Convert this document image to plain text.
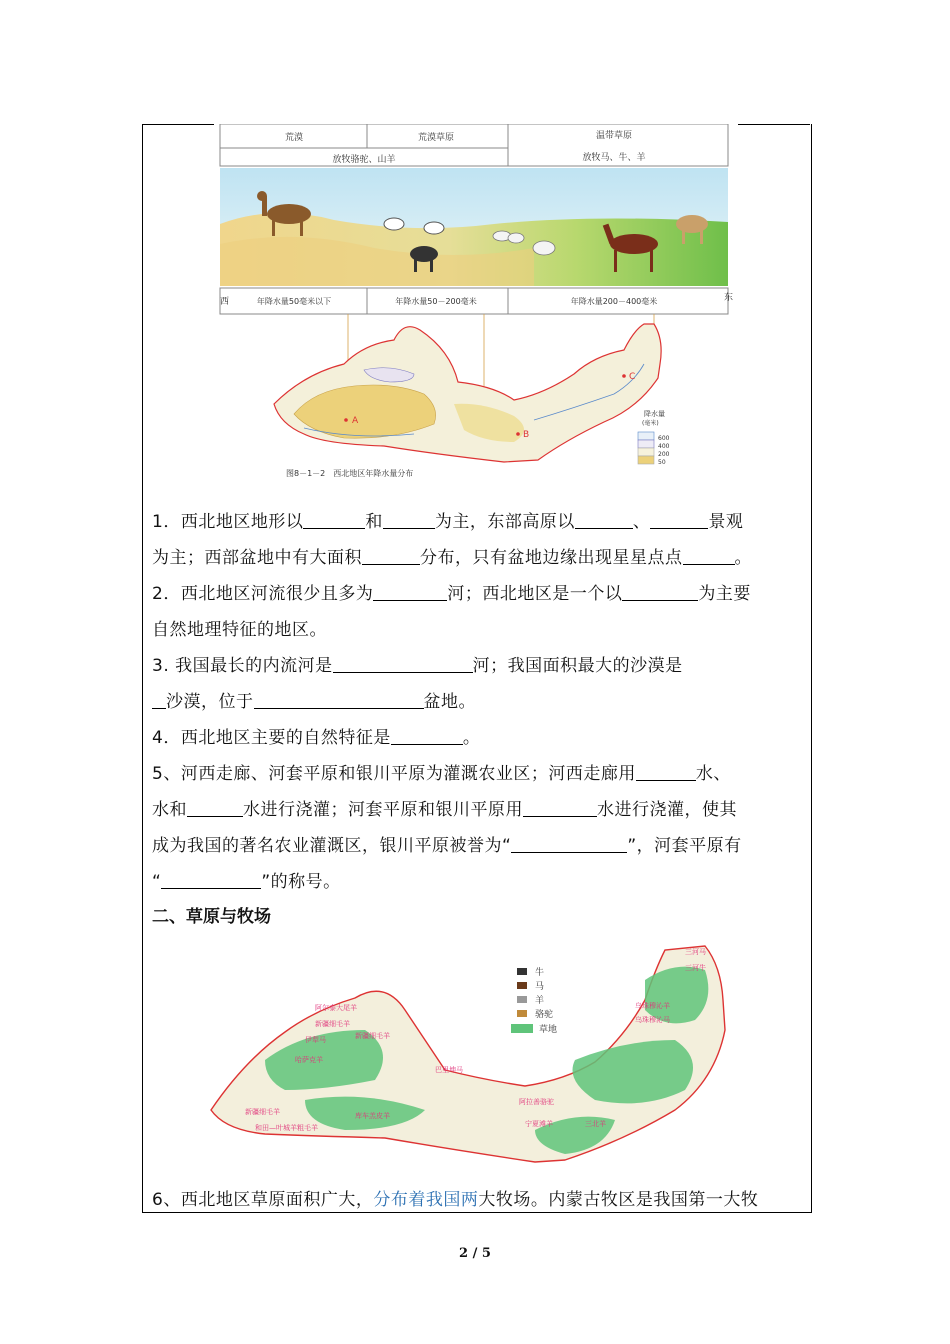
荒漠	荒漠草原	温带草原
放牧骆驼、山羊	放牧马、牛、羊
西	东
年降水量50毫米以下	年降水量50－200毫米	年降水量200－400毫米
A
B
C
图8－1－2　西北地区年降水量分布
降水量
(毫米)
600
400
200
50
1．西北地区地形以	和	为主，东部高原以	、	景观
为主；西部盆地中有大面积	分布，只有盆地边缘出现星星点点	。
2．西北地区河流很少且多为	河；西北地区是一个以	为主要
自然地理特征的地区。
3. 我国最长的内流河是	河；我国面积最大的沙漠是
沙漠，位于	盆地。
4．西北地区主要的自然特征是	。
5、河西走廊、河套平原和银川平原为灌溉农业区；河西走廊用	水、
水和	水进行浇灌；河套平原和银川平原用	水进行浇灌，使其
成为我国的著名农业灌溉区，银川平原被誉为“	”，河套平原有
“	”的称号。
二、草原与牧场
牛
马
羊
骆驼
草地
三河马
三河牛
乌珠穆沁羊
乌珠穆沁马
阿尔泰大尾羊
新疆细毛羊
伊犁马	新疆细毛羊
哈萨克羊
巴里坤马
库车羔皮羊
新疆细毛羊
和田—叶城羊粗毛羊
阿拉善骆驼
宁夏滩羊	三北羊
6、西北地区草原面积广大，分布着我国两大牧场。内蒙古牧区是我国第一大牧
2 / 5
